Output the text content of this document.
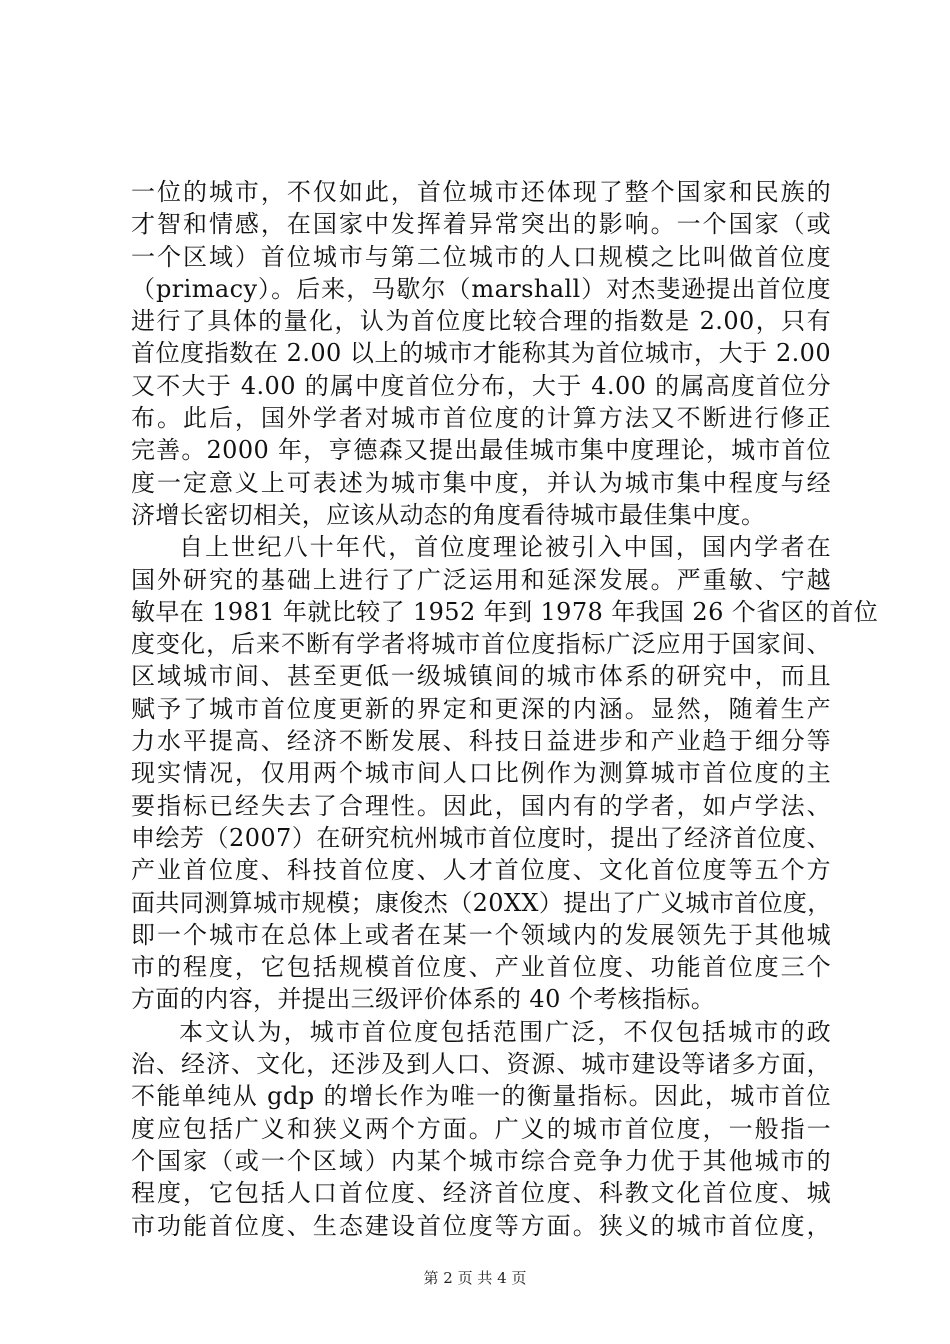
一位的城市，不仅如此，首位城市还体现了整个国家和民族的
才智和情感，在国家中发挥着异常突出的影响。一个国家（或
一个区域）首位城市与第二位城市的人口规模之比叫做首位度
（primacy）。后来，马歇尔（marshall）对杰斐逊提出首位度
进行了具体的量化，认为首位度比较合理的指数是 2.00，只有
首位度指数在 2.00 以上的城市才能称其为首位城市，大于 2.00
又不大于 4.00 的属中度首位分布，大于 4.00 的属高度首位分
布。此后，国外学者对城市首位度的计算方法又不断进行修正
完善。2000 年，亨德森又提出最佳城市集中度理论，城市首位
度一定意义上可表述为城市集中度，并认为城市集中程度与经
济增长密切相关，应该从动态的角度看待城市最佳集中度。
自上世纪八十年代，首位度理论被引入中国，国内学者在
国外研究的基础上进行了广泛运用和延深发展。严重敏、宁越
敏早在 1981 年就比较了 1952 年到 1978 年我国 26 个省区的首位
度变化，后来不断有学者将城市首位度指标广泛应用于国家间、
区域城市间、甚至更低一级城镇间的城市体系的研究中，而且
赋予了城市首位度更新的界定和更深的内涵。显然，随着生产
力水平提高、经济不断发展、科技日益进步和产业趋于细分等
现实情况，仅用两个城市间人口比例作为测算城市首位度的主
要指标已经失去了合理性。因此，国内有的学者，如卢学法、
申绘芳（2007）在研究杭州城市首位度时，提出了经济首位度、
产业首位度、科技首位度、人才首位度、文化首位度等五个方
面共同测算城市规模；康俊杰（20XX）提出了广义城市首位度，
即一个城市在总体上或者在某一个领域内的发展领先于其他城
市的程度，它包括规模首位度、产业首位度、功能首位度三个
方面的内容，并提出三级评价体系的 40 个考核指标。
本文认为，城市首位度包括范围广泛，不仅包括城市的政
治、经济、文化，还涉及到人口、资源、城市建设等诸多方面，
不能单纯从 gdp 的增长作为唯一的衡量指标。因此，城市首位
度应包括广义和狭义两个方面。广义的城市首位度，一般指一
个国家（或一个区域）内某个城市综合竞争力优于其他城市的
程度，它包括人口首位度、经济首位度、科教文化首位度、城
市功能首位度、生态建设首位度等方面。狭义的城市首位度，
第 2 页 共 4 页
